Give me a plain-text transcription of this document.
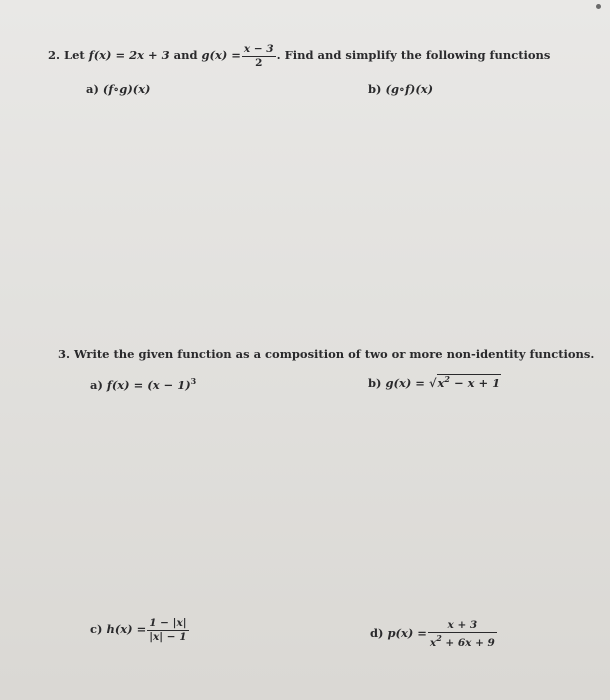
2. Let f(x) = 2x + 3 and $g(x) = \frac{x - 3}{2}$ . Find and simplify the following functions
a) (f∘g)(x)	b) (g∘f)(x)
3. Write the given function as a composition of two or more non-identity functions.
a) $f(x) = (x - 1)^3$	b) $g(x) = √x^2 - x + 1$
c) $h(x) = \frac{1 - |x|}{|x| - 1}$	d) $p(x) = \frac{x + 3}{x^2 + 6x + 9}$
